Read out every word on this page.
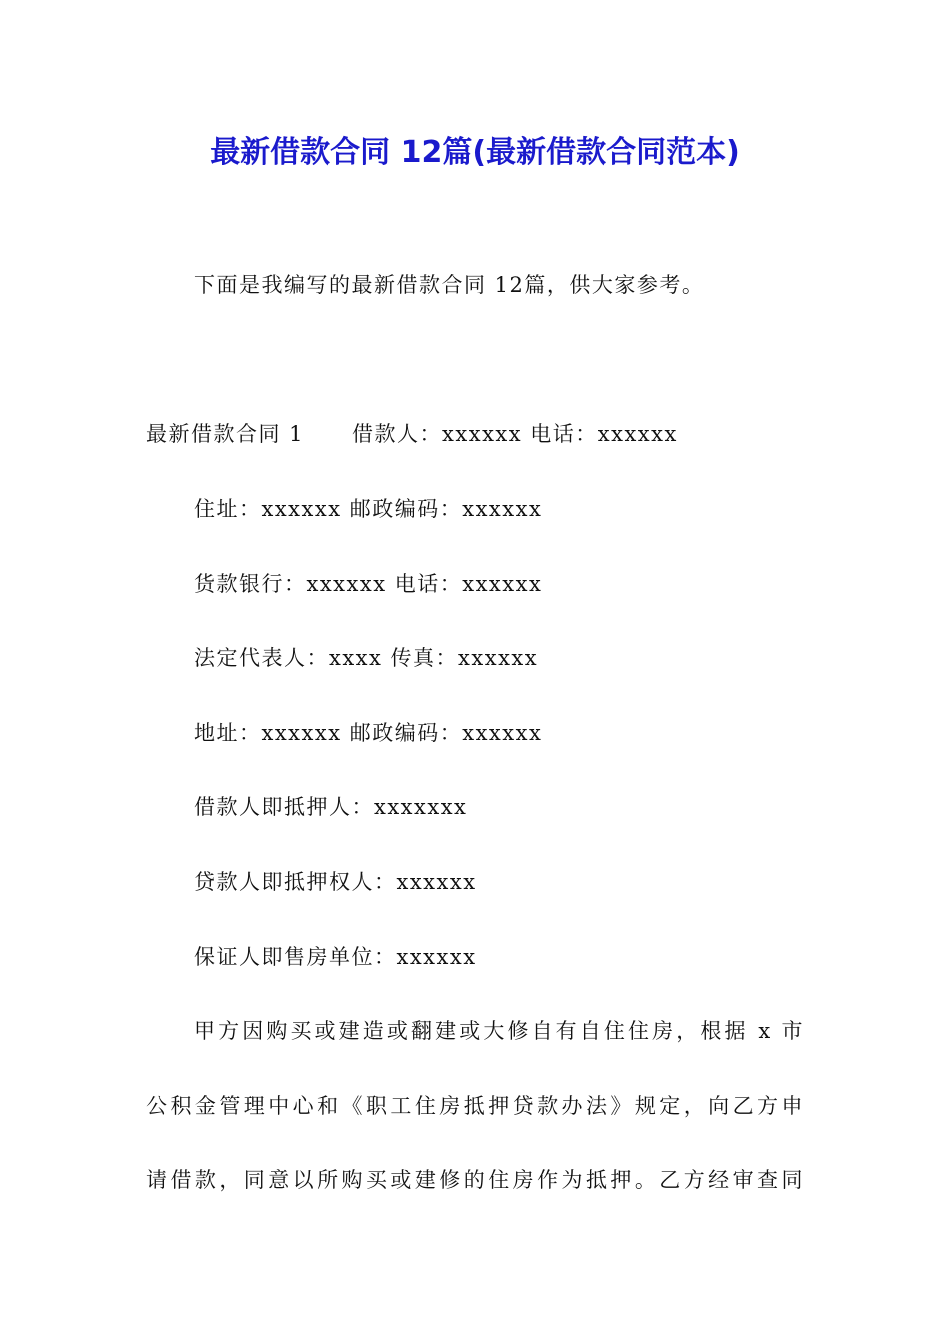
最新借款合同 12篇(最新借款合同范本)
下面是我编写的最新借款合同 12篇，供大家参考。
最新借款合同 1 借款人：xxxxxx 电话：xxxxxx
住址：xxxxxx 邮政编码：xxxxxx
货款银行：xxxxxx 电话：xxxxxx
法定代表人：xxxx 传真：xxxxxx
地址：xxxxxx 邮政编码：xxxxxx
借款人即抵押人：xxxxxxx
贷款人即抵押权人：xxxxxx
保证人即售房单位：xxxxxx
甲方因购买或建造或翻建或大修自有自住住房，根据 x 市
公积金管理中心和《职工住房抵押贷款办法》规定，向乙方申
请借款，同意以所购买或建修的住房作为抵押。乙方经审查同
